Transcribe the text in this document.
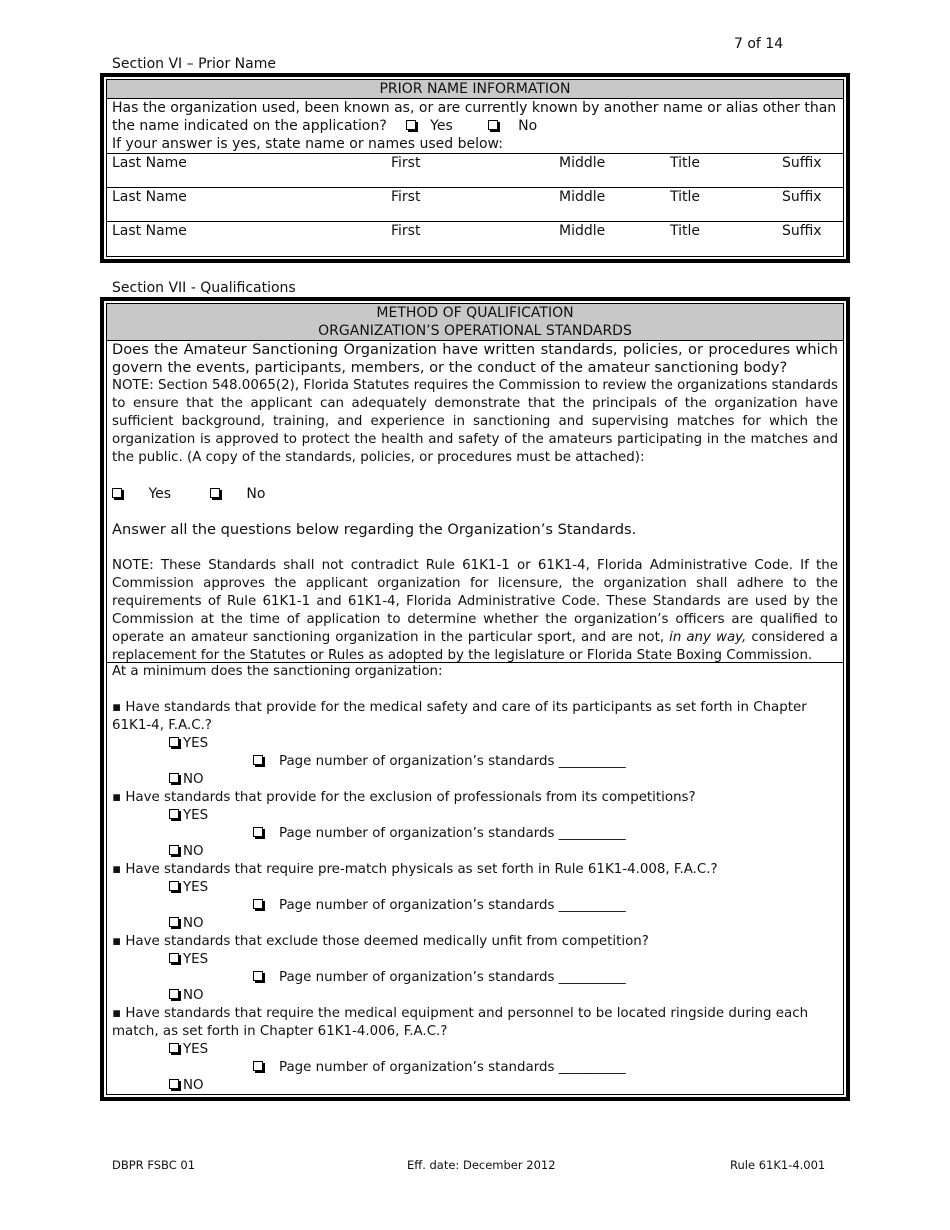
7 of 14
Section VI – Prior Name
PRIOR NAME INFORMATION
Has the organization used, been known as, or are currently known by another name or alias other than
the name indicated on the application?	Yes	No
If your answer is yes, state name or names used below:
Last Name	First	Middle	Title	Suffix
Last Name	First	Middle	Title	Suffix
Last Name	First	Middle	Title	Suffix
Section VII - Qualifications
METHOD OF QUALIFICATION
ORGANIZATION’S OPERATIONAL STANDARDS
Does the Amateur Sanctioning Organization have written standards, policies, or procedures which govern the events, participants, members, or the conduct of the amateur sanctioning body?
NOTE: Section 548.0065(2), Florida Statutes requires the Commission to review the organizations standards to ensure that the applicant can adequately demonstrate that the principals of the organization have sufficient background, training, and experience in sanctioning and supervising matches for which the organization is approved to protect the health and safety of the amateurs participating in the matches and the public. (A copy of the standards, policies, or procedures must be attached):
Yes	No
Answer all the questions below regarding the Organization’s Standards.
NOTE: These Standards shall not contradict Rule 61K1-1 or 61K1-4, Florida Administrative Code. If the Commission approves the applicant organization for licensure, the organization shall adhere to the requirements of Rule 61K1-1 and 61K1-4, Florida Administrative Code. These Standards are used by the Commission at the time of application to determine whether the organization’s officers are qualified to operate an amateur sanctioning organization in the particular sport, and are not, in any way, considered a replacement for the Statutes or Rules as adopted by the legislature or Florida State Boxing Commission.
At a minimum does the sanctioning organization:
▪ Have standards that provide for the medical safety and care of its participants as set forth in Chapter
61K1-4, F.A.C.?
YES
Page number of organization’s standards __________
NO
▪ Have standards that provide for the exclusion of professionals from its competitions?
YES
Page number of organization’s standards __________
NO
▪ Have standards that require pre-match physicals as set forth in Rule 61K1-4.008, F.A.C.?
YES
Page number of organization’s standards __________
NO
▪ Have standards that exclude those deemed medically unfit from competition?
YES
Page number of organization’s standards __________
NO
▪ Have standards that require the medical equipment and personnel to be located ringside during each
match, as set forth in Chapter 61K1-4.006, F.A.C.?
YES
Page number of organization’s standards __________
NO
DBPR FSBC 01	Eff. date: December 2012	Rule 61K1-4.001
